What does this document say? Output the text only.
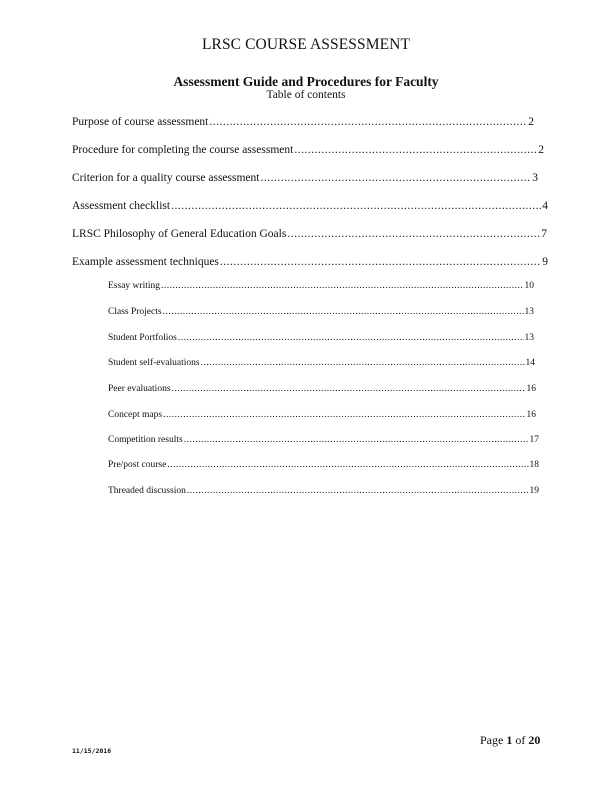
LRSC COURSE ASSESSMENT
Assessment Guide and Procedures for Faculty
Table of contents
Purpose of course assessment .....	2
Procedure for completing the course assessment .....	2
Criterion for a quality course assessment .....	3
Assessment checklist .....	4
LRSC Philosophy of General Education Goals .....	7
Example assessment techniques .....	9
Essay writing .....	10
Class Projects .....	13
Student Portfolios .....	13
Student self-evaluations .....	14
Peer evaluations .....	16
Concept maps .....	16
Competition results .....	17
Pre/post course .....	18
Threaded discussion .....	19
Page 1 of 20
11/15/2016
